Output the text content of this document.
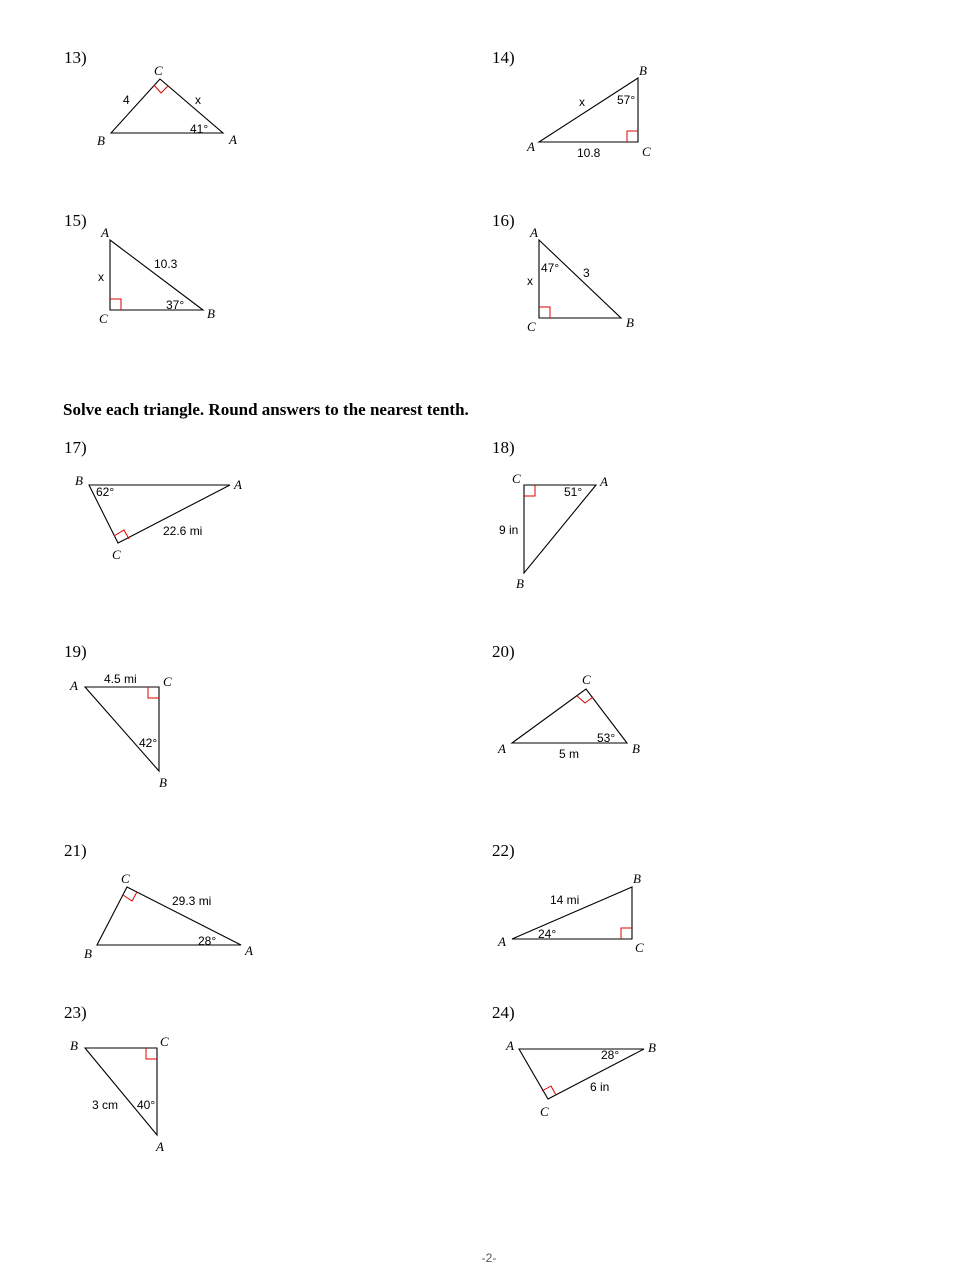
13)
C
B	A
4	x
41°
14)
B
A	C
x	57°
10.8
15)
A
C	B
10.3
x
37°
16)
A
C	B
47° 3
x
Solve each triangle. Round answers to the nearest tenth.
17)
B	A
C
62°
22.6 mi
18)
C	A
B
51°
9 in
19)
A	C
B
4.5 mi
42°
20)
C
A	B
53°
5 m
21)
C
B	A
29.3 mi
28°
22)
B
A	C
14 mi
24°
23)
B	C
A
3 cm 40°
24)
A	B
C
28°
6 in
-2-
